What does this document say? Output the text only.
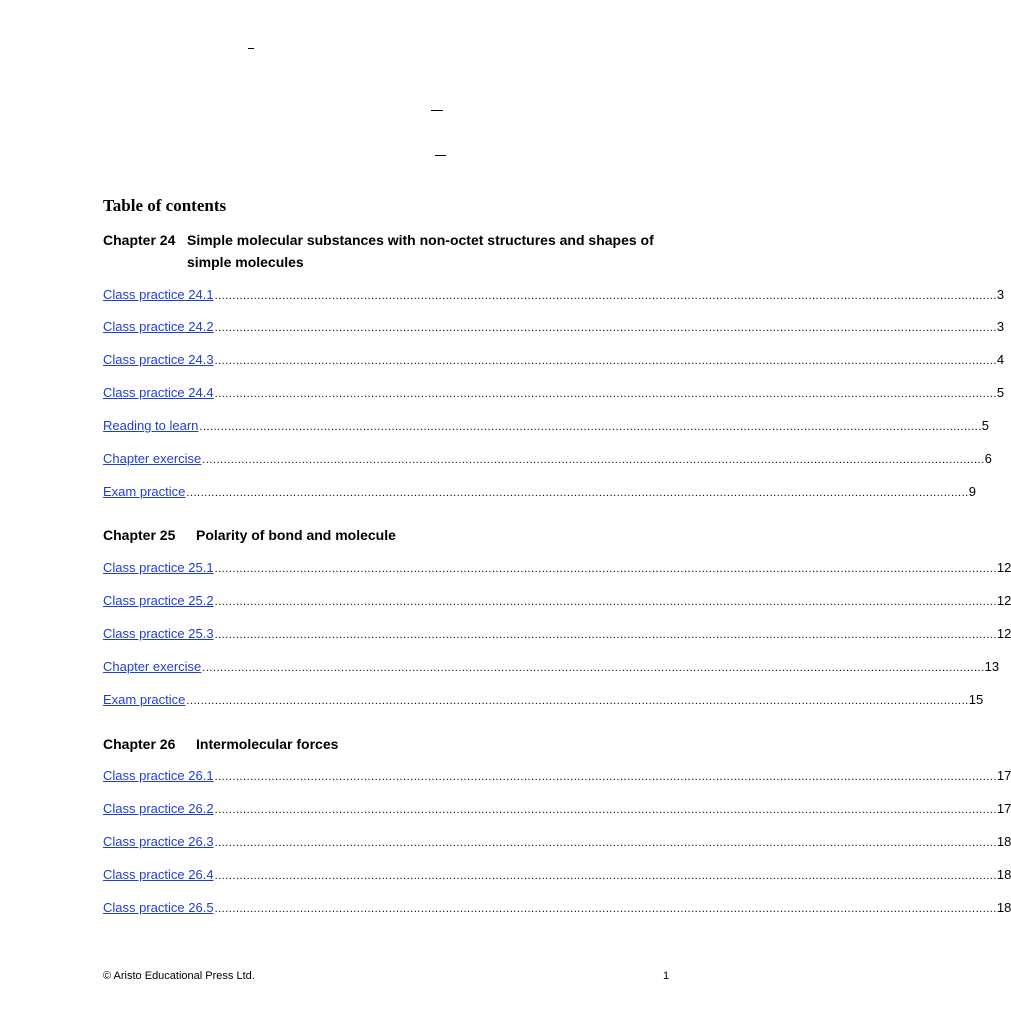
Table of contents
Chapter 24 Simple molecular substances with non-octet structures and shapes of simple molecules
Class practice 24.1 ............................................................................................................................................................................................................................ 3
Class practice 24.2 ............................................................................................................................................................................................................................ 3
Class practice 24.3 ............................................................................................................................................................................................................................ 4
Class practice 24.4 ............................................................................................................................................................................................................................ 5
Reading to learn ............................................................................................................................................................................................................................ 5
Chapter exercise ............................................................................................................................................................................................................................ 6
Exam practice ............................................................................................................................................................................................................................ 9
Chapter 25 Polarity of bond and molecule
Class practice 25.1 ............................................................................................................................................................................................................................ 12
Class practice 25.2 ............................................................................................................................................................................................................................ 12
Class practice 25.3 ............................................................................................................................................................................................................................ 12
Chapter exercise ............................................................................................................................................................................................................................ 13
Exam practice ............................................................................................................................................................................................................................ 15
Chapter 26 Intermolecular forces
Class practice 26.1 ............................................................................................................................................................................................................................ 17
Class practice 26.2 ............................................................................................................................................................................................................................ 17
Class practice 26.3 ............................................................................................................................................................................................................................ 18
Class practice 26.4 ............................................................................................................................................................................................................................ 18
Class practice 26.5 ............................................................................................................................................................................................................................ 18
© Aristo Educational Press Ltd.	1
